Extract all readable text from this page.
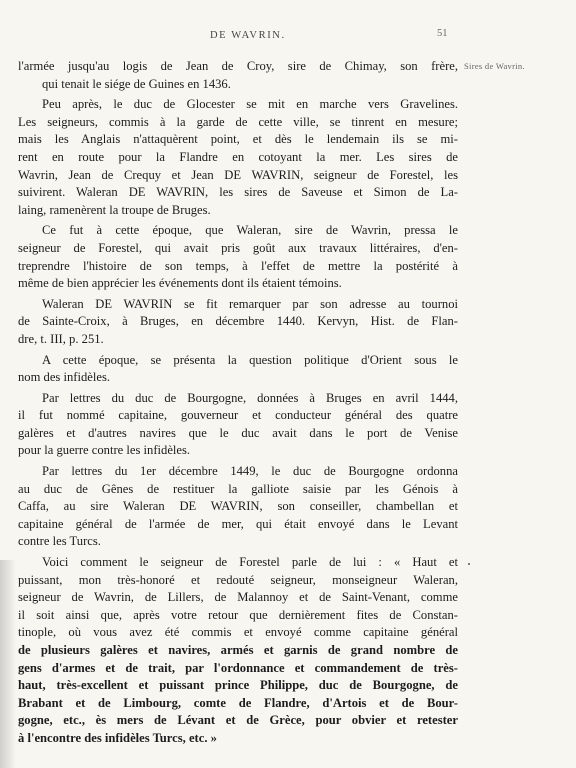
DE WAVRIN.	51
Sires de Wavrin.
l'armée jusqu'au logis de Jean de Croy, sire de Chimay, son frère,
qui tenait le siége de Guines en 1436.
Peu après, le duc de Glocester se mit en marche vers Gravelines.
Les seigneurs, commis à la garde de cette ville, se tinrent en mesure;
mais les Anglais n'attaquèrent point, et dès le lendemain ils se mi-
rent en route pour la Flandre en cotoyant la mer. Les sires de
Wavrin, Jean de Crequy et Jean DE WAVRIN, seigneur de Forestel, les
suivirent. Waleran DE WAVRIN, les sires de Saveuse et Simon de La-
laing, ramenèrent la troupe de Bruges.
Ce fut à cette époque, que Waleran, sire de Wavrin, pressa le
seigneur de Forestel, qui avait pris goût aux travaux littéraires, d'en-
treprendre l'histoire de son temps, à l'effet de mettre la postérité à
même de bien apprécier les événements dont ils étaient témoins.
Waleran DE WAVRIN se fit remarquer par son adresse au tournoi
de Sainte-Croix, à Bruges, en décembre 1440. Kervyn, Hist. de Flan-
dre, t. III, p. 251.
A cette époque, se présenta la question politique d'Orient sous le
nom des infidèles.
Par lettres du duc de Bourgogne, données à Bruges en avril 1444,
il fut nommé capitaine, gouverneur et conducteur général des quatre
galères et d'autres navires que le duc avait dans le port de Venise
pour la guerre contre les infidèles.
Par lettres du 1er décembre 1449, le duc de Bourgogne ordonna
au duc de Gênes de restituer la galliote saisie par les Génois à
Caffa, au sire Waleran DE WAVRIN, son conseiller, chambellan et
capitaine général de l'armée de mer, qui était envoyé dans le Levant
contre les Turcs.
Voici comment le seigneur de Forestel parle de lui : « Haut et
puissant, mon très-honoré et redouté seigneur, monseigneur Waleran,
seigneur de Wavrin, de Lillers, de Malannoy et de Saint-Venant, comme
il soit ainsi que, après votre retour que dernièrement fites de Constan-
tinople, où vous avez été commis et envoyé comme capitaine général
de plusieurs galères et navires, armés et garnis de grand nombre de
gens d'armes et de trait, par l'ordonnance et commandement de très-
haut, très-excellent et puissant prince Philippe, duc de Bourgogne, de
Brabant et de Limbourg, comte de Flandre, d'Artois et de Bour-
gogne, etc., ès mers de Lévant et de Grèce, pour obvier et retester
à l'encontre des infidèles Turcs, etc. »
